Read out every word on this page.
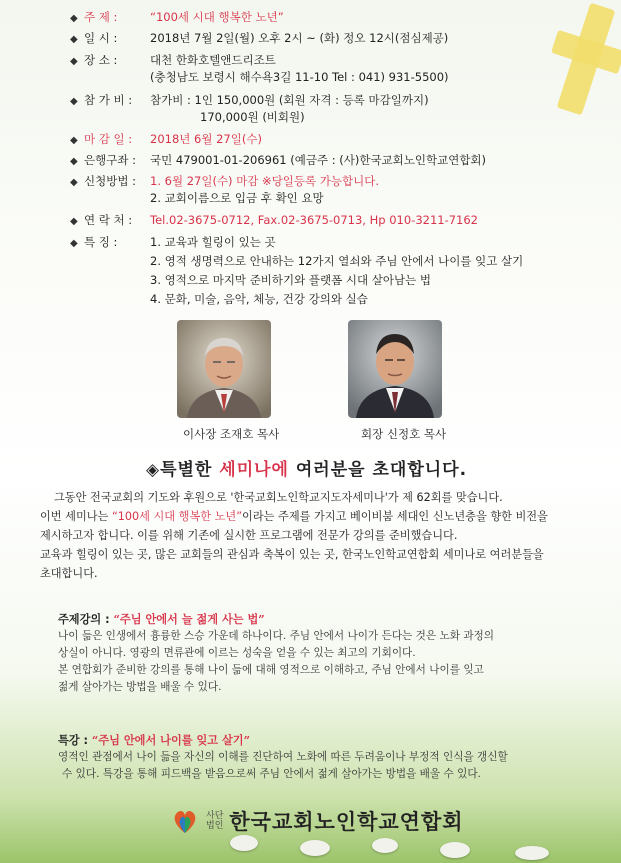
◆ 주 제 :	“100세 시대 행복한 노년”
◆ 일 시 :	2018년 7월 2일(월) 오후 2시 ~ (화) 정오 12시(점심제공)
◆ 장 소 :	대천 한화호텔앤드리조트
(충청남도 보령시 해수욕3길 11-10 Tel : 041) 931-5500)
◆ 참 가 비 : 참가비 : 1인 150,000원 (회원 자격 : 등록 마감일까지)
170,000원 (비회원)
◆ 마 감 일 : 2018년 6월 27일(수)
◆ 은행구좌 : 국민 479001-01-206961 (예금주 : (사)한국교회노인학교연합회)
◆ 신청방법 : 1. 6월 27일(수) 마감 ※당일등록 가능합니다.
2. 교회이름으로 입금 후 확인 요망
◆ 연 락 처 : Tel.02-3675-0712, Fax.02-3675-0713, Hp 010-3211-7162
◆ 특 징 :	1. 교육과 힐링이 있는 곳
2. 영적 생명력으로 안내하는 12가지 열쇠와 주님 안에서 나이를 잊고 살기
3. 영적으로 마지막 준비하기와 플랫폼 시대 살아남는 법
4. 문화, 미술, 음악, 체능, 건강 강의와 실습
이사장 조재호 목사	회장 신정호 목사
◈특별한 세미나에 여러분을 초대합니다.

그동안 전국교회의 기도와 후원으로 '한국교회노인학교지도자세미나'가 제 62회를 맞습니다.

이번 세미나는 “100세 시대 행복한 노년”이라는 주제를 가지고 베이비붐 세대인 신노년층을 향한 비전을

제시하고자 합니다. 이를 위해 기존에 실시한 프로그램에 전문가 강의를 준비했습니다.

교육과 힐링이 있는 곳, 많은 교회들의 관심과 축복이 있는 곳, 한국노인학교연합회 세미나로 여러분들을

초대합니다.

주제강의 : “주님 안에서 늘 젊게 사는 법”

나이 듦은 인생에서 흉륭한 스승 가운데 하나이다. 주님 안에서 나이가 든다는 것은 노화 과정의

상실이 아니다. 영광의 면류관에 이르는 성숙을 얻을 수 있는 최고의 기회이다.

본 연합회가 준비한 강의를 통해 나이 듦에 대해 영적으로 이해하고, 주님 안에서 나이를 잊고

젊게 살아가는 방법을 배울 수 있다.

특강 : “주님 안에서 나이를 잊고 살기”

영적인 관점에서 나이 듦을 자신의 이해를 진단하여 노화에 따른 두려움이나 부정적 인식을 갱신할

수 있다. 특강을 통해 피드백을 받음으로써 주님 안에서 젊게 살아가는 방법을 배울 수 있다.

사단
법인 한국교회노인학교연합회
